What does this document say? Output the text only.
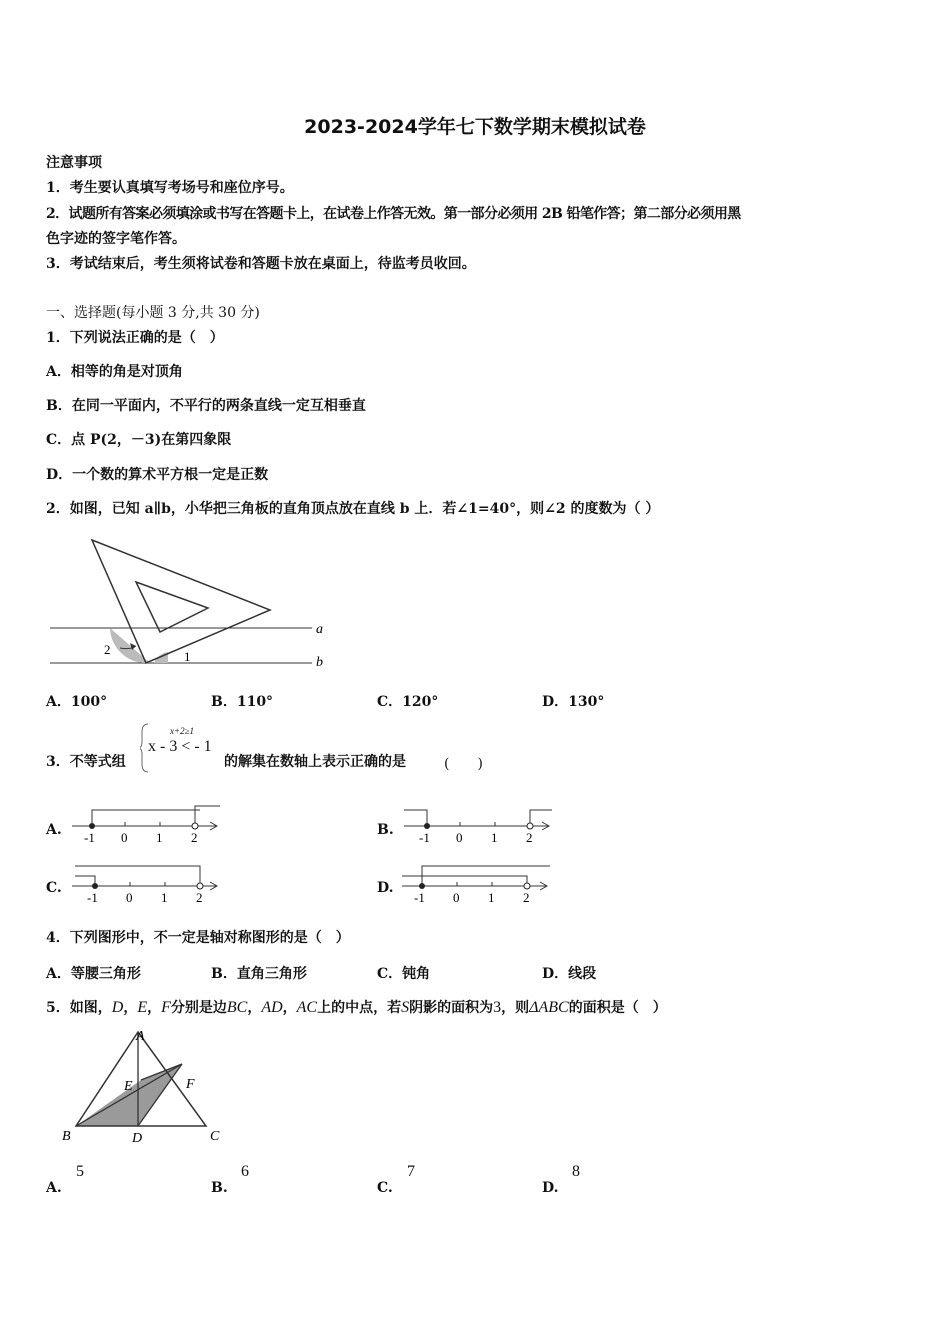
2023-2024学年七下数学期末模拟试卷
注意事项
1．考生要认真填写考场号和座位序号。
2．试题所有答案必须填涂或书写在答题卡上，在试卷上作答无效。第一部分必须用 2B 铅笔作答；第二部分必须用黑
色字迹的签字笔作答。
3．考试结束后，考生须将试卷和答题卡放在桌面上，待监考员收回。
一、选择题(每小题 3 分,共 30 分)
1．下列说法正确的是（　）
A．相等的角是对顶角
B．在同一平面内，不平行的两条直线一定互相垂直
C．点 P(2，－3)在第四象限
D．一个数的算术平方根一定是正数
2．如图，已知 a∥b，小华把三角板的直角顶点放在直线 b 上．若∠1=40°，则∠2 的度数为（ ）
a
b
2	1
A．100°	B．110°	C．120°	D．130°
3．不等式组
x+2≥1
x - 3 < - 1
的解集在数轴上表示正确的是	(　　)
A. -1 0 1 2	B. -1 0 1 2
C.
-1 0 1 2
D.
-1 0 1 2
4．下列图形中，不一定是轴对称图形的是（　）
A．等腰三角形	B．直角三角形	C．钝角	D．线段
5．如图，D，E，F分别是边BC，AD，AC上的中点，若S阴影的面积为3，则ΔABC的面积是（　）
A
B	C
D
E	F
A.
5
B.
6
C.
7
D.
8
